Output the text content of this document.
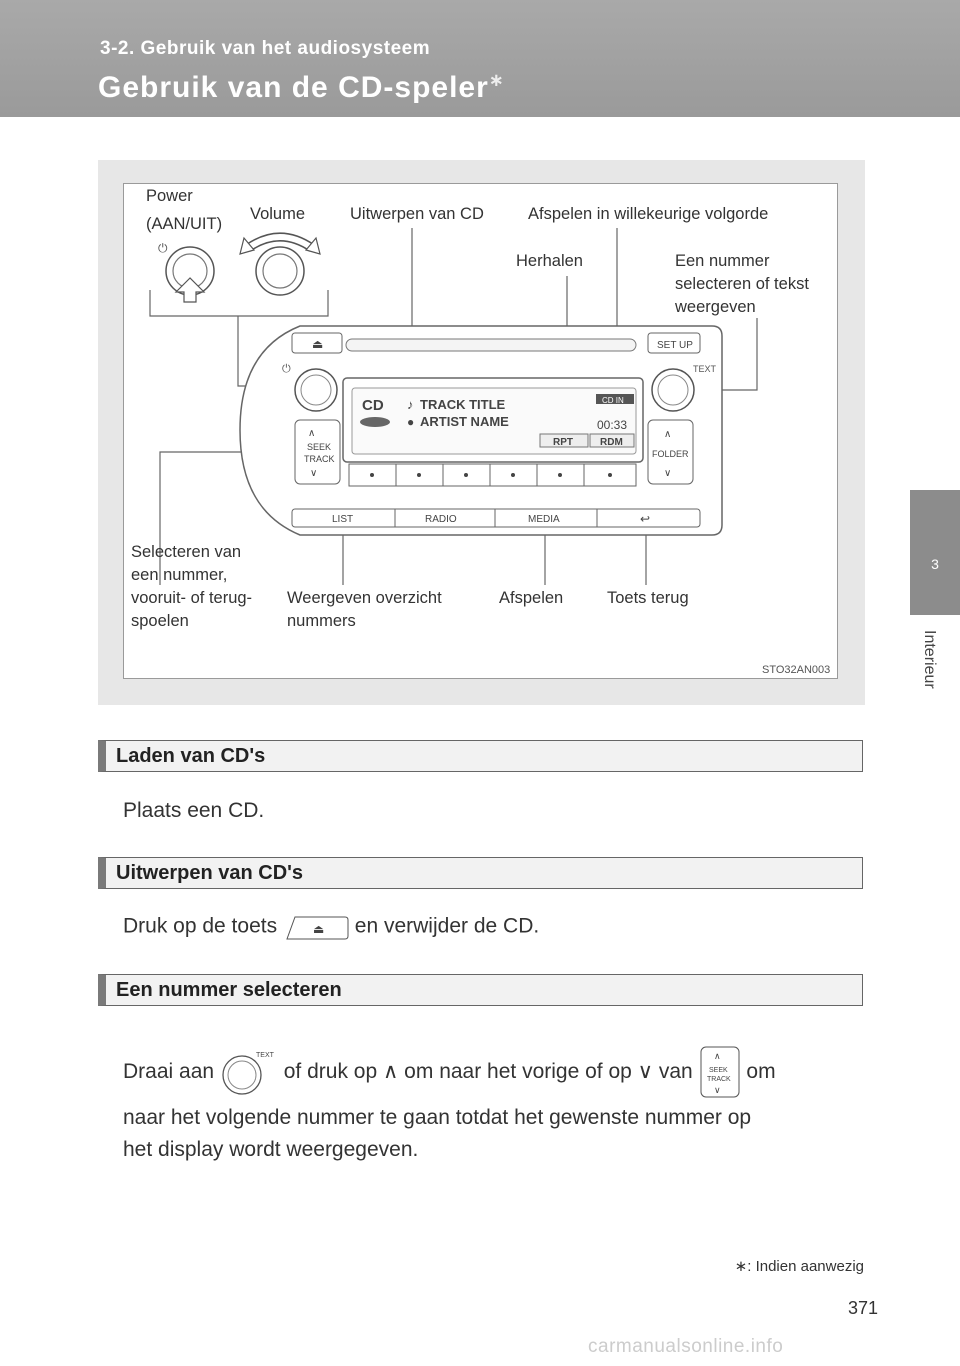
3-2. Gebruik van het audiosysteem
Gebruik van de CD-speler∗
3
Interieur
⏻
⏏	SET UP
⏻	TEXT
CD ♪ TRACK TITLE
● ARTIST NAME
CD IN
00:33
RPT	RDM
∧
SEEK
TRACK
∨
∧
FOLDER
∨
LIST	RADIO	MEDIA	↩
Power
(AAN/UIT)
Volume	Uitwerpen van CD	Afspelen in willekeurige volgorde
Herhalen	Een nummer
selecteren of tekst
weergeven
Selecteren van
een nummer,
vooruit- of terug-
spoelen
Weergeven overzicht
nummers
Afspelen	Toets terug
STO32AN003
Laden van CD's
Plaats een CD.
Uitwerpen van CD's
Druk op de toets	⏏ en verwijder de CD.
Een nummer selecteren
Draai aan
TEXT
of druk op ∧ om naar het vorige of op ∨ van
∧
SEEK
TRACK
∨
om
naar het volgende nummer te gaan totdat het gewenste nummer op
het display wordt weergegeven.
∗: Indien aanwezig
371
carmanualsonline.info
